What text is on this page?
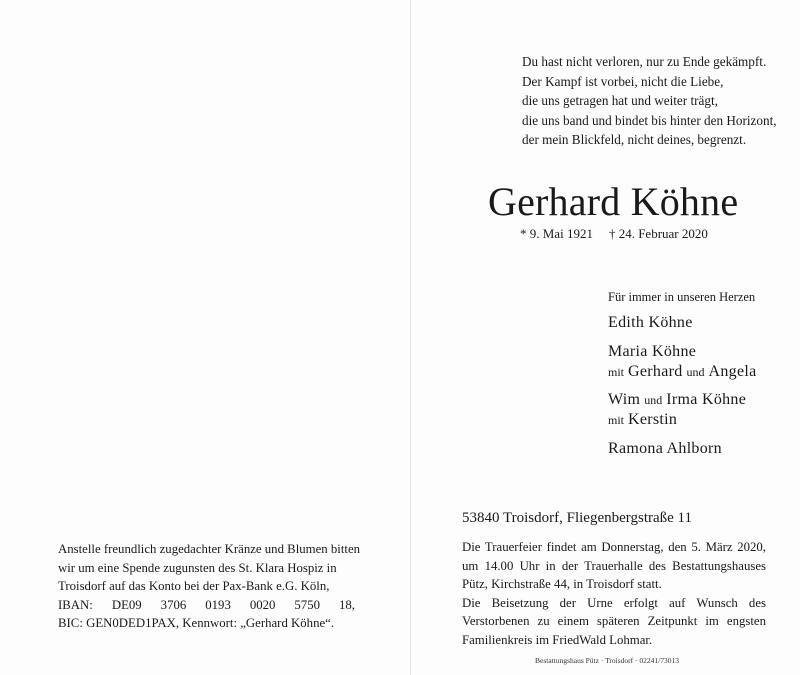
Du hast nicht verloren, nur zu Ende gekämpft.
Der Kampf ist vorbei, nicht die Liebe,
die uns getragen hat und weiter trägt,
die uns band und bindet bis hinter den Horizont,
der mein Blickfeld, nicht deines, begrenzt.
Gerhard Köhne
* 9. Mai 1921 † 24. Februar 2020
Für immer in unseren Herzen
Edith Köhne
Maria Köhne
mit Gerhard und Angela
Wim und Irma Köhne
mit Kerstin
Ramona Ahlborn
53840 Troisdorf, Fliegenbergstraße 11

Die Trauerfeier findet am Donnerstag, den 5. März 2020, um 14.00 Uhr in der Trauerhalle des Bestattungshauses Pütz, Kirchstraße 44, in Troisdorf statt.

Die Beisetzung der Urne erfolgt auf Wunsch des Verstorbenen zu einem späteren Zeitpunkt im engsten Familienkreis im FriedWald Lohmar.

Bestattungshaus Pütz · Troisdorf · 02241/73013
Anstelle freundlich zugedachter Kränze und Blumen bitten
wir um eine Spende zugunsten des St. Klara Hospiz in
Troisdorf auf das Konto bei der Pax-Bank e.G. Köln,
IBAN: DE09 3706 0193 0020 5750 18,
BIC: GEN0DED1PAX, Kennwort: „Gerhard Köhne“.
